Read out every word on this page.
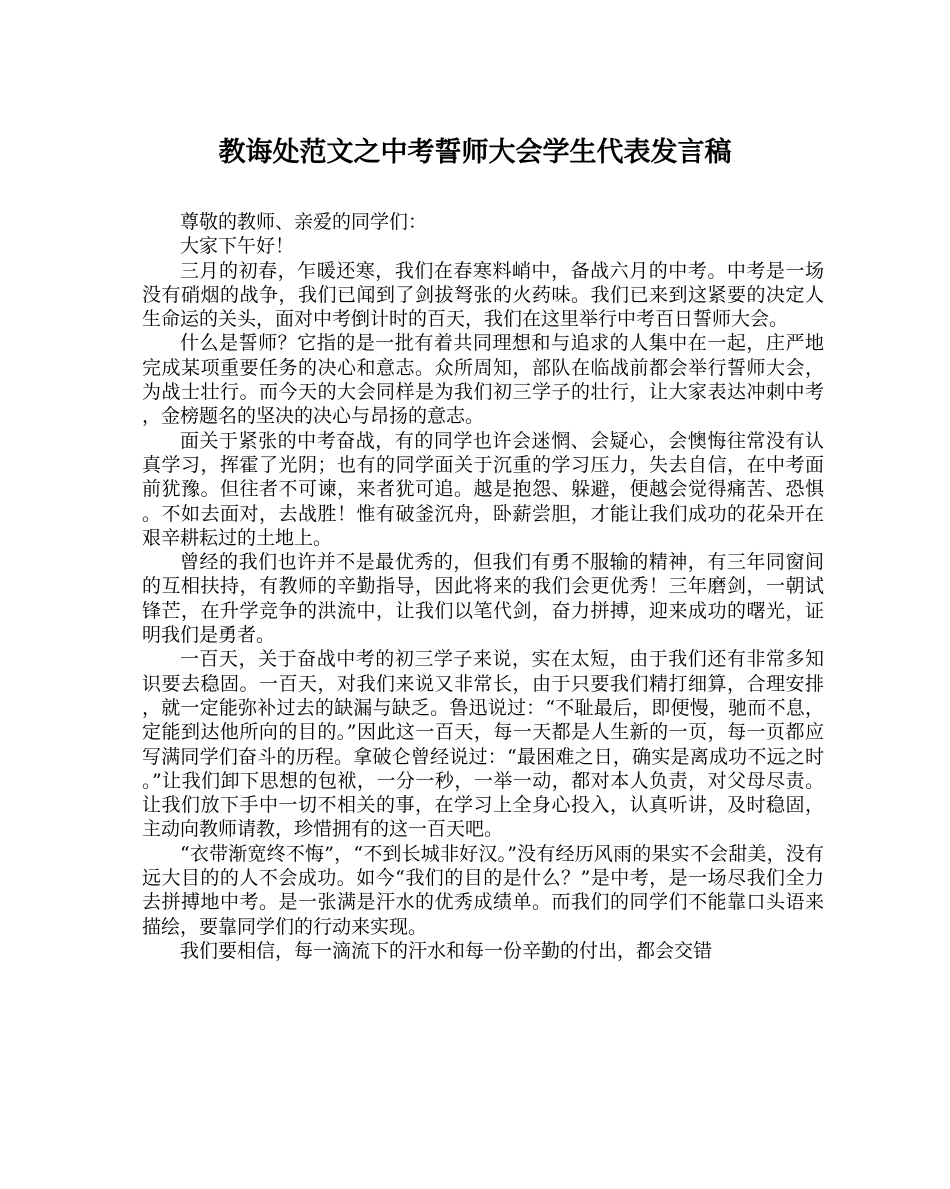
教诲处范文之中考誓师大会学生代表发言稿

尊敬的教师、亲爱的同学们：

大家下午好！

三月的初春，乍暖还寒，我们在春寒料峭中，备战六月的中考。中考是一场没有硝烟的战争，我们已闻到了剑拔弩张的火药味。我们已来到这紧要的决定人生命运的关头，面对中考倒计时的百天，我们在这里举行中考百日誓师大会。

什么是誓师？它指的是一批有着共同理想和与追求的人集中在一起，庄严地完成某项重要任务的决心和意志。众所周知，部队在临战前都会举行誓师大会，为战士壮行。而今天的大会同样是为我们初三学子的壮行，让大家表达冲刺中考，金榜题名的坚决的决心与昂扬的意志。

面关于紧张的中考奋战，有的同学也许会迷惘、会疑心，会懊悔往常没有认真学习，挥霍了光阴；也有的同学面关于沉重的学习压力，失去自信，在中考面前犹豫。但往者不可谏，来者犹可追。越是抱怨、躲避，便越会觉得痛苦、恐惧。不如去面对，去战胜！惟有破釜沉舟，卧薪尝胆，才能让我们成功的花朵开在艰辛耕耘过的土地上。

曾经的我们也许并不是最优秀的，但我们有勇不服输的精神，有三年同窗间的互相扶持，有教师的辛勤指导，因此将来的我们会更优秀！三年磨剑，一朝试锋芒，在升学竞争的洪流中，让我们以笔代剑，奋力拼搏，迎来成功的曙光，证明我们是勇者。

一百天，关于奋战中考的初三学子来说，实在太短，由于我们还有非常多知识要去稳固。一百天，对我们来说又非常长，由于只要我们精打细算，合理安排，就一定能弥补过去的缺漏与缺乏。鲁迅说过：“不耻最后，即便慢，驰而不息，定能到达他所向的目的。”因此这一百天，每一天都是人生新的一页，每一页都应写满同学们奋斗的历程。拿破仑曾经说过：“最困难之日，确实是离成功不远之时。”让我们卸下思想的包袱，一分一秒，一举一动，都对本人负责，对父母尽责。让我们放下手中一切不相关的事，在学习上全身心投入，认真听讲，及时稳固，主动向教师请教，珍惜拥有的这一百天吧。

“衣带渐宽终不悔”，“不到长城非好汉。”没有经历风雨的果实不会甜美，没有远大目的的人不会成功。如今“我们的目的是什么？”是中考，是一场尽我们全力去拼搏地中考。是一张满是汗水的优秀成绩单。而我们的同学们不能靠口头语来描绘，要靠同学们的行动来实现。

我们要相信，每一滴流下的汗水和每一份辛勤的付出，都会交错
